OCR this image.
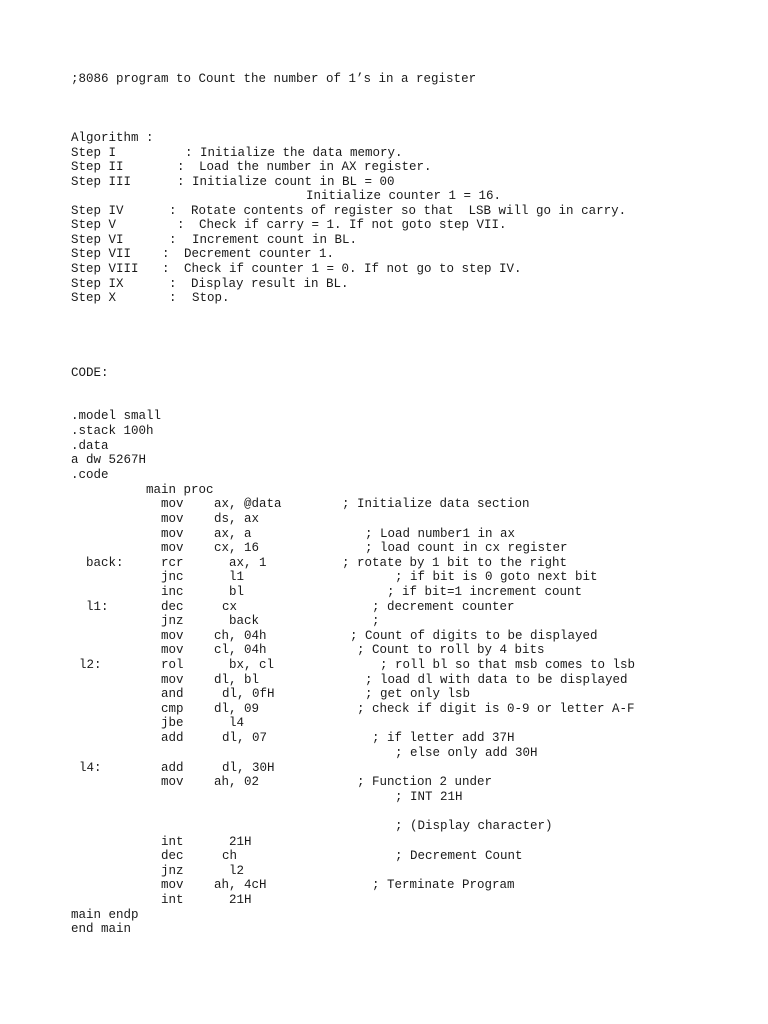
;8086 program to Count the number of 1’s in a register
Algorithm :
Step I	: Initialize the data memory.
Step II	: Load the number in AX register.
Step III	: Initialize count in BL = 00
Initialize counter 1 = 16.
Step IV	: Rotate contents of register so that  LSB will go in carry.
Step V	: Check if carry = 1. If not goto step VII.
Step VI	: Increment count in BL.
Step VII : Decrement counter 1.
Step VIII : Check if counter 1 = 0. If not go to step IV.
Step IX	: Display result in BL.
Step X	: Stop.
CODE:
.model small
.stack 100h
.data
a dw 5267H
.code
main proc
mov ax, @data	; Initialize data section
mov ds, ax
mov ax, a	; Load number1 in ax
mov cx, 16	; load count in cx register
back:	rcr	ax, 1	; rotate by 1 bit to the right
jnc	l1	; if bit is 0 goto next bit
inc	bl	; if bit=1 increment count
l1:	dec	cx	; decrement counter
jnz	back	;
mov ch, 04h	; Count of digits to be displayed
mov cl, 04h	; Count to roll by 4 bits
l2:	rol	bx, cl	; roll bl so that msb comes to lsb
mov dl, bl	; load dl with data to be displayed
and	dl, 0fH	; get only lsb
cmp dl, 09	; check if digit is 0-9 or letter A-F
jbe	l4
add	dl, 07	; if letter add 37H
; else only add 30H
l4:	add	dl, 30H
mov ah, 02	; Function 2 under
; INT 21H
; (Display character)
int	21H
dec	ch	; Decrement Count
jnz	l2
mov ah, 4cH	; Terminate Program
int	21H
main endp
end main
